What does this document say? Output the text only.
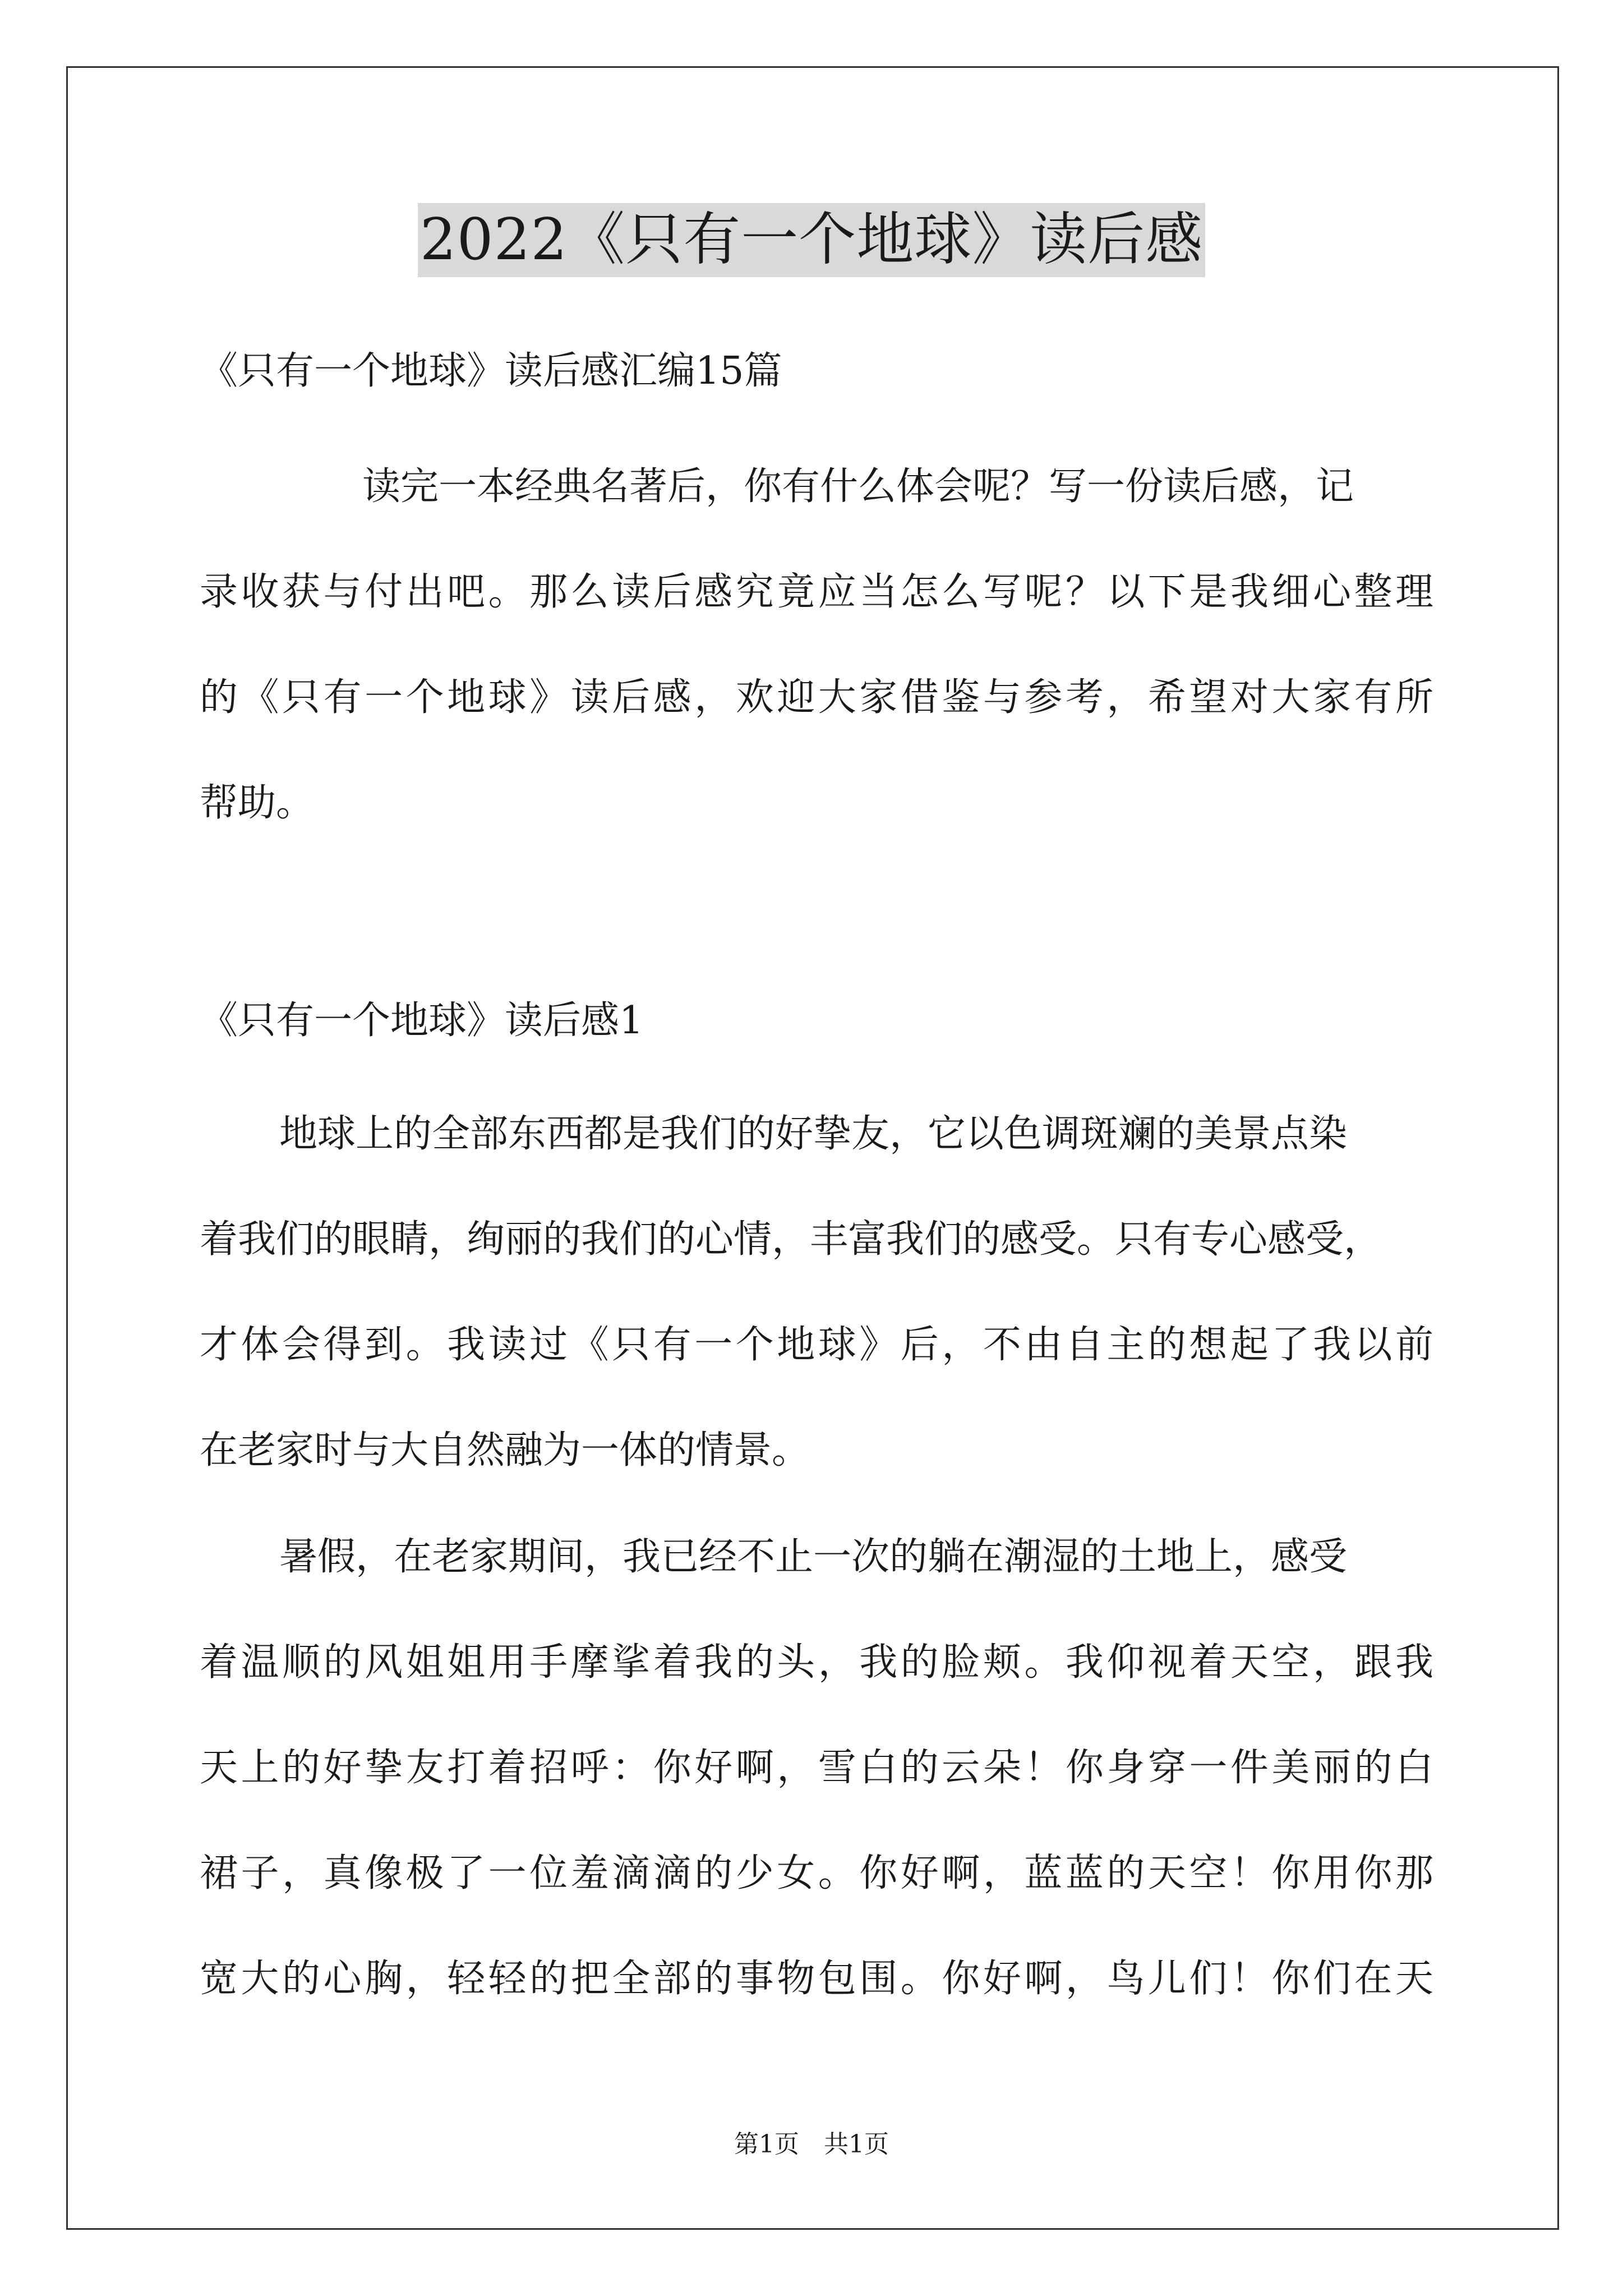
2022《只有一个地球》读后感
《只有一个地球》读后感汇编15篇
读完一本经典名著后，你有什么体会呢？写一份读后感，记
录收获与付出吧。那么读后感究竟应当怎么写呢？以下是我细心整理
的《只有一个地球》读后感，欢迎大家借鉴与参考，希望对大家有所
帮助。
《只有一个地球》读后感1
地球上的全部东西都是我们的好挚友，它以色调斑斓的美景点染
着我们的眼睛，绚丽的我们的心情，丰富我们的感受。只有专心感受，
才体会得到。我读过《只有一个地球》后，不由自主的想起了我以前
在老家时与大自然融为一体的情景。
暑假，在老家期间，我已经不止一次的躺在潮湿的土地上，感受
着温顺的风姐姐用手摩挲着我的头，我的脸颊。我仰视着天空，跟我
天上的好挚友打着招呼：你好啊，雪白的云朵！你身穿一件美丽的白
裙子，真像极了一位羞滴滴的少女。你好啊，蓝蓝的天空！你用你那
宽大的心胸，轻轻的把全部的事物包围。你好啊，鸟儿们！你们在天
第1页　共1页
